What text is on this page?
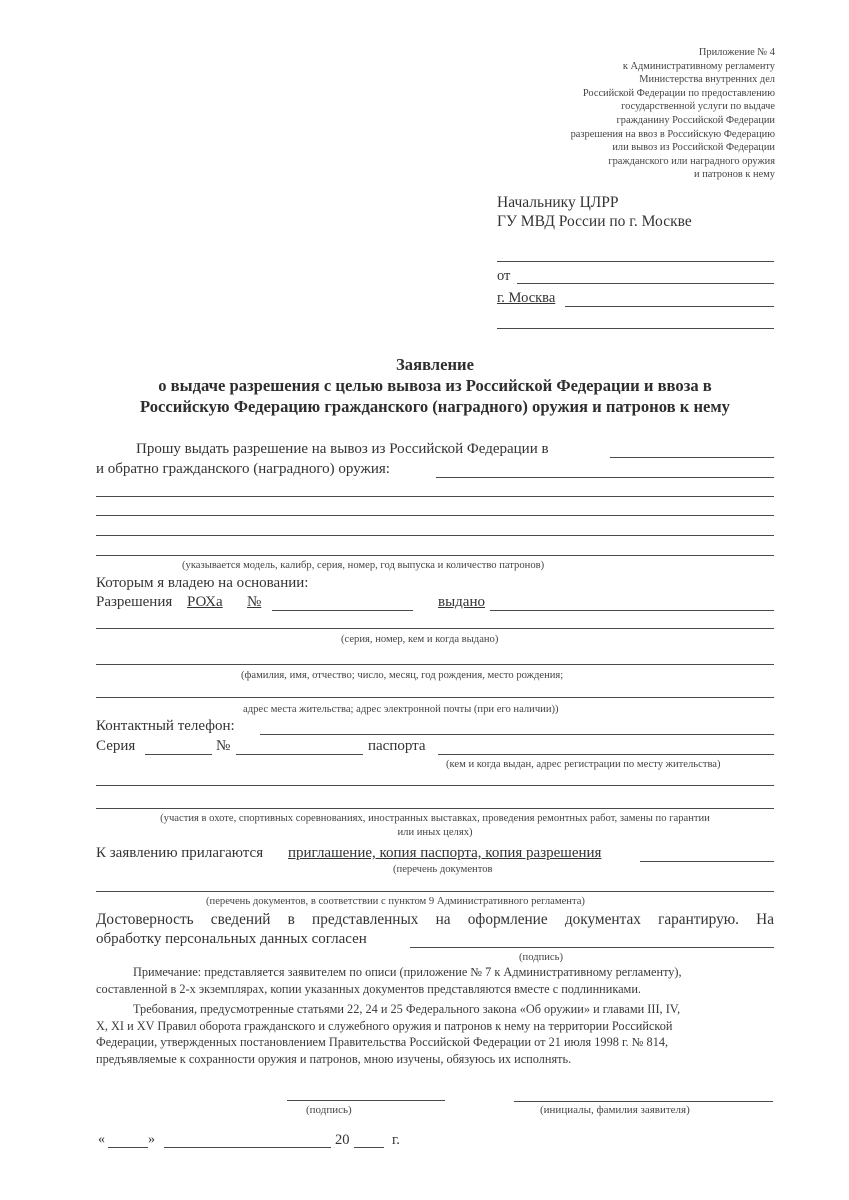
Приложение № 4
к Административному регламенту
Министерства внутренних дел
Российской Федерации по предоставлению
государственной услуги по выдаче
гражданину Российской Федерации
разрешения на ввоз в Российскую Федерацию
или вывоз из Российской Федерации
гражданского или наградного оружия
и патронов к нему
Начальнику ЦЛРР
ГУ МВД России по г. Москве
от
г. Москва
Заявление
о выдаче разрешения с целью вывоза из Российской Федерации и ввоза в
Российскую Федерацию гражданского (наградного) оружия и патронов к нему
Прошу выдать разрешение на вывоз из Российской Федерации в
и обратно гражданского (наградного) оружия:
(указывается модель, калибр, серия, номер, год выпуска и количество патронов)
Которым я владею на основании:
Разрешения РОХа №	выдано
(серия, номер, кем и когда выдано)
(фамилия, имя, отчество; число, месяц, год рождения, место рождения;
адрес места жительства; адрес электронной почты (при его наличии))
Контактный телефон:
Серия	№	паспорта
(кем и когда выдан, адрес регистрации по месту жительства)
(участия в охоте, спортивных соревнованиях, иностранных выставках, проведения ремонтных работ, замены по гарантии
или иных целях)
К заявлению прилагаются приглашение, копия паспорта, копия разрешения
(перечень документов
(перечень документов, в соответствии с пунктом 9 Административного регламента)
Достоверность сведений в представленных на оформление документах гарантирую. На
обработку персональных данных согласен
(подпись)
Примечание: представляется заявителем по описи (приложение № 7 к Административному регламенту),
составленной в 2-х экземплярах, копии указанных документов представляются вместе с подлинниками.
Требования, предусмотренные статьями 22, 24 и 25 Федерального закона «Об оружии» и главами III, IV,
X, XI и XV Правил оборота гражданского и служебного оружия и патронов к нему на территории Российской
Федерации, утвержденных постановлением Правительства Российской Федерации от 21 июля 1998 г. № 814,
предъявляемые к сохранности оружия и патронов, мною изучены, обязуюсь их исполнять.
(подпись)	(инициалы, фамилия заявителя)
«	»	20	г.
